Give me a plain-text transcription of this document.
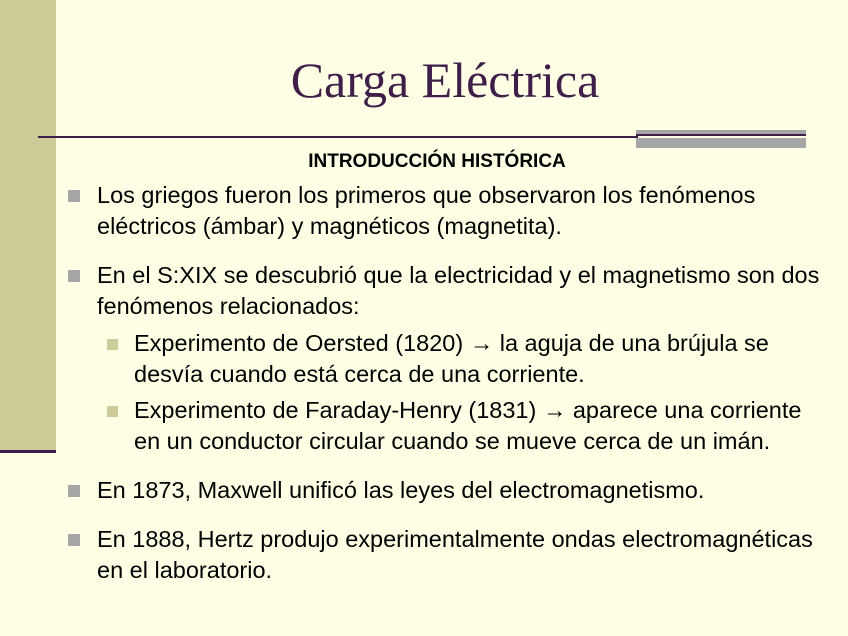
Carga Eléctrica
INTRODUCCIÓN HISTÓRICA
Los griegos fueron los primeros que observaron los fenómenos eléctricos (ámbar) y magnéticos (magnetita).
En el S:XIX se descubrió que la electricidad y el magnetismo son dos fenómenos relacionados:
Experimento de Oersted (1820) → la aguja de una brújula se desvía cuando está cerca de una corriente.
Experimento de Faraday-Henry (1831) → aparece una corriente en un conductor circular cuando se mueve cerca de un imán.
En 1873, Maxwell unificó las leyes del electromagnetismo.
En 1888, Hertz produjo experimentalmente ondas electromagnéticas en el laboratorio.
